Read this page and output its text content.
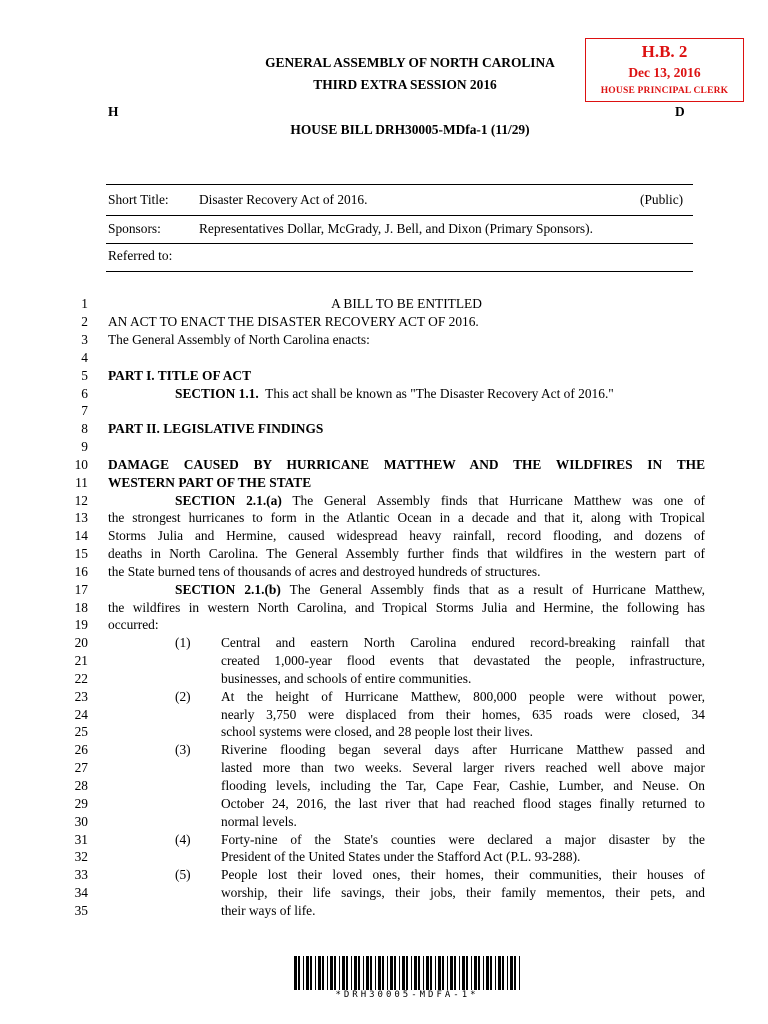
H.B. 2
Dec 13, 2016
HOUSE PRINCIPAL CLERK
GENERAL ASSEMBLY OF NORTH CAROLINA
THIRD EXTRA SESSION 2016
H	D
HOUSE BILL DRH30005-MDfa-1 (11/29)
Short Title: Disaster Recovery Act of 2016.	(Public)
Sponsors:	Representatives Dollar, McGrady, J. Bell, and Dixon (Primary Sponsors).
Referred to:
1
2
3
4
5
6
7
8
9
10
11
12
13
14
15
16
17
18
19
20
21
22
23
24
25
26
27
28
29
30
31
32
33
34
35
A BILL TO BE ENTITLED
AN ACT TO ENACT THE DISASTER RECOVERY ACT OF 2016.
The General Assembly of North Carolina enacts:
PART I. TITLE OF ACT
SECTION 1.1.  This act shall be known as "The Disaster Recovery Act of 2016."
PART II. LEGISLATIVE FINDINGS
DAMAGE CAUSED BY HURRICANE MATTHEW AND THE WILDFIRES IN THE
WESTERN PART OF THE STATE
SECTION 2.1.(a) The General Assembly finds that Hurricane Matthew was one of
the strongest hurricanes to form in the Atlantic Ocean in a decade and that it, along with Tropical
Storms Julia and Hermine, caused widespread heavy rainfall, record flooding, and dozens of
deaths in North Carolina. The General Assembly further finds that wildfires in the western part of
the State burned tens of thousands of acres and destroyed hundreds of structures.
SECTION 2.1.(b) The General Assembly finds that as a result of Hurricane Matthew,
the wildfires in western North Carolina, and Tropical Storms Julia and Hermine, the following has
occurred:
(1) Central and eastern North Carolina endured record-breaking rainfall that
created 1,000-year flood events that devastated the people, infrastructure,
businesses, and schools of entire communities.
(2) At the height of Hurricane Matthew, 800,000 people were without power,
nearly 3,750 were displaced from their homes, 635 roads were closed, 34
school systems were closed, and 28 people lost their lives.
(3) Riverine flooding began several days after Hurricane Matthew passed and
lasted more than two weeks. Several larger rivers reached well above major
flooding levels, including the Tar, Cape Fear, Cashie, Lumber, and Neuse. On
October 24, 2016, the last river that had reached flood stages finally returned to
normal levels.
(4) Forty-nine of the State's counties were declared a major disaster by the
President of the United States under the Stafford Act (P.L. 93-288).
(5) People lost their loved ones, their homes, their communities, their houses of
worship, their life savings, their jobs, their family mementos, their pets, and
their ways of life.
*DRH30005-MDFA-1*
